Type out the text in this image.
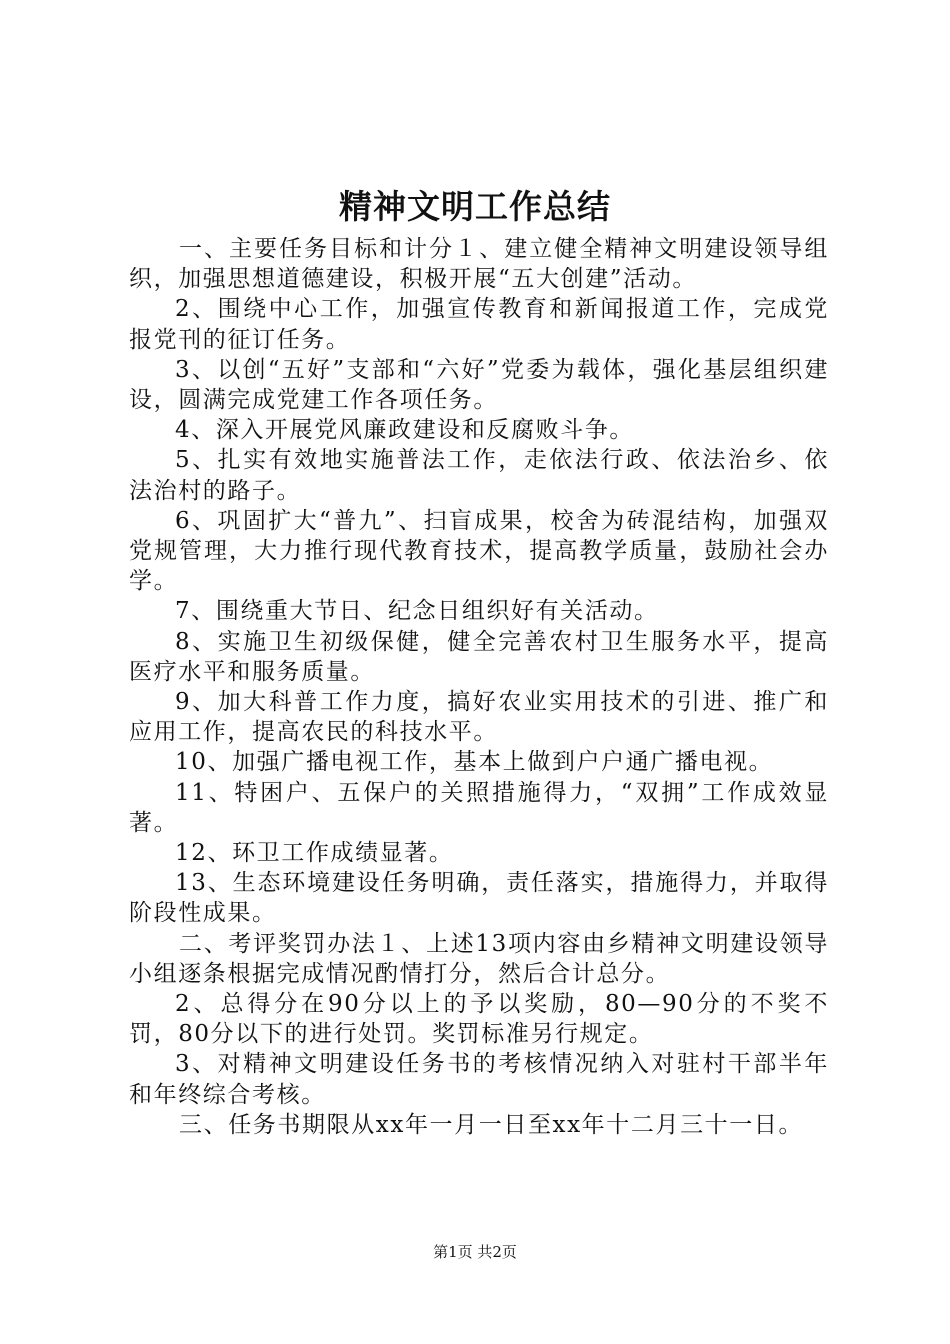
精神文明工作总结

一、主要任务目标和计分１、建立健全精神文明建设领导组织，加强思想道德建设，积极开展“五大创建”活动。

2、围绕中心工作，加强宣传教育和新闻报道工作，完成党报党刊的征订任务。

3、以创“五好”支部和“六好”党委为载体，强化基层组织建设，圆满完成党建工作各项任务。

4、深入开展党风廉政建设和反腐败斗争。

5、扎实有效地实施普法工作，走依法行政、依法治乡、依法治村的路子。

6、巩固扩大“普九”、扫盲成果，校舍为砖混结构，加强双党规管理，大力推行现代教育技术，提高教学质量，鼓励社会办学。

7、围绕重大节日、纪念日组织好有关活动。

8、实施卫生初级保健，健全完善农村卫生服务水平，提高医疗水平和服务质量。

9、加大科普工作力度，搞好农业实用技术的引进、推广和应用工作，提高农民的科技水平。

10、加强广播电视工作，基本上做到户户通广播电视。

11、特困户、五保户的关照措施得力，“双拥”工作成效显著。

12、环卫工作成绩显著。

13、生态环境建设任务明确，责任落实，措施得力，并取得阶段性成果。

二、考评奖罚办法１、上述13项内容由乡精神文明建设领导小组逐条根据完成情况酌情打分，然后合计总分。

2、总得分在90分以上的予以奖励，80—90分的不奖不罚，80分以下的进行处罚。奖罚标准另行规定。

3、对精神文明建设任务书的考核情况纳入对驻村干部半年和年终综合考核。

三、任务书期限从xx年一月一日至xx年十二月三十一日。

第1页 共2页
